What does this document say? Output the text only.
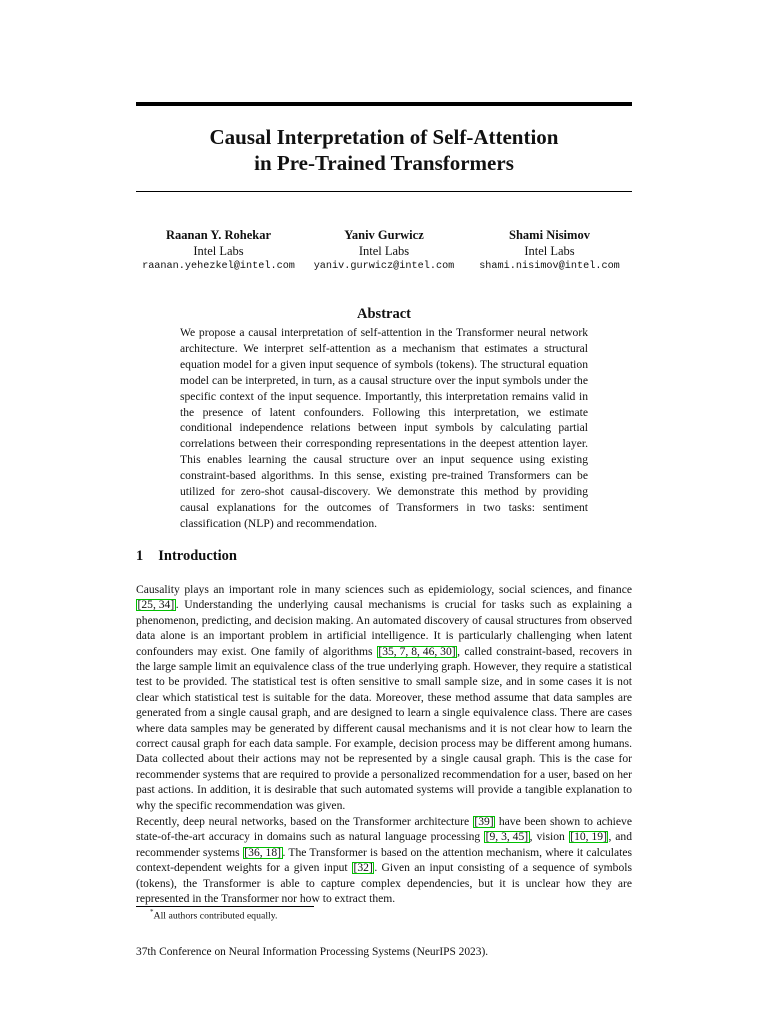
Causal Interpretation of Self-Attention
in Pre-Trained Transformers
Raanan Y. Rohekar
Intel Labs
raanan.yehezkel@intel.com
Yaniv Gurwicz
Intel Labs
yaniv.gurwicz@intel.com
Shami Nisimov
Intel Labs
shami.nisimov@intel.com
Abstract
We propose a causal interpretation of self-attention in the Transformer neural network architecture. We interpret self-attention as a mechanism that estimates a structural equation model for a given input sequence of symbols (tokens). The structural equation model can be interpreted, in turn, as a causal structure over the input symbols under the specific context of the input sequence. Importantly, this interpretation remains valid in the presence of latent confounders. Following this interpretation, we estimate conditional independence relations between input symbols by calculating partial correlations between their corresponding representations in the deepest attention layer. This enables learning the causal structure over an input sequence using existing constraint-based algorithms. In this sense, existing pre-trained Transformers can be utilized for zero-shot causal-discovery. We demonstrate this method by providing causal explanations for the outcomes of Transformers in two tasks: sentiment classification (NLP) and recommendation.
1 Introduction
Causality plays an important role in many sciences such as epidemiology, social sciences, and finance [25, 34] . Understanding the underlying causal mechanisms is crucial for tasks such as explaining a phenomenon, predicting, and decision making. An automated discovery of causal structures from observed data alone is an important problem in artificial intelligence. It is particularly challenging when latent confounders may exist. One family of algorithms [35, 7, 8, 46, 30] , called constraint-based, recovers in the large sample limit an equivalence class of the true underlying graph. However, they require a statistical test to be provided. The statistical test is often sensitive to small sample size, and in some cases it is not clear which statistical test is suitable for the data. Moreover, these method assume that data samples are generated from a single causal graph, and are designed to learn a single equivalence class. There are cases where data samples may be generated by different causal mechanisms and it is not clear how to learn the correct causal graph for each data sample. For example, decision process may be different among humans. Data collected about their actions may not be represented by a single causal graph. This is the case for recommender systems that are required to provide a personalized recommendation for a user, based on her past actions. In addition, it is desirable that such automated systems will provide a tangible explanation to why the specific recommendation was given.
Recently, deep neural networks, based on the Transformer architecture [39] have been shown to achieve state-of-the-art accuracy in domains such as natural language processing [9, 3, 45] , vision [10, 19] , and recommender systems [36, 18] . The Transformer is based on the attention mechanism, where it calculates context-dependent weights for a given input [32] . Given an input consisting of a sequence of symbols (tokens), the Transformer is able to capture complex dependencies, but it is unclear how they are represented in the Transformer nor how to extract them.
*All authors contributed equally.
37th Conference on Neural Information Processing Systems (NeurIPS 2023).
